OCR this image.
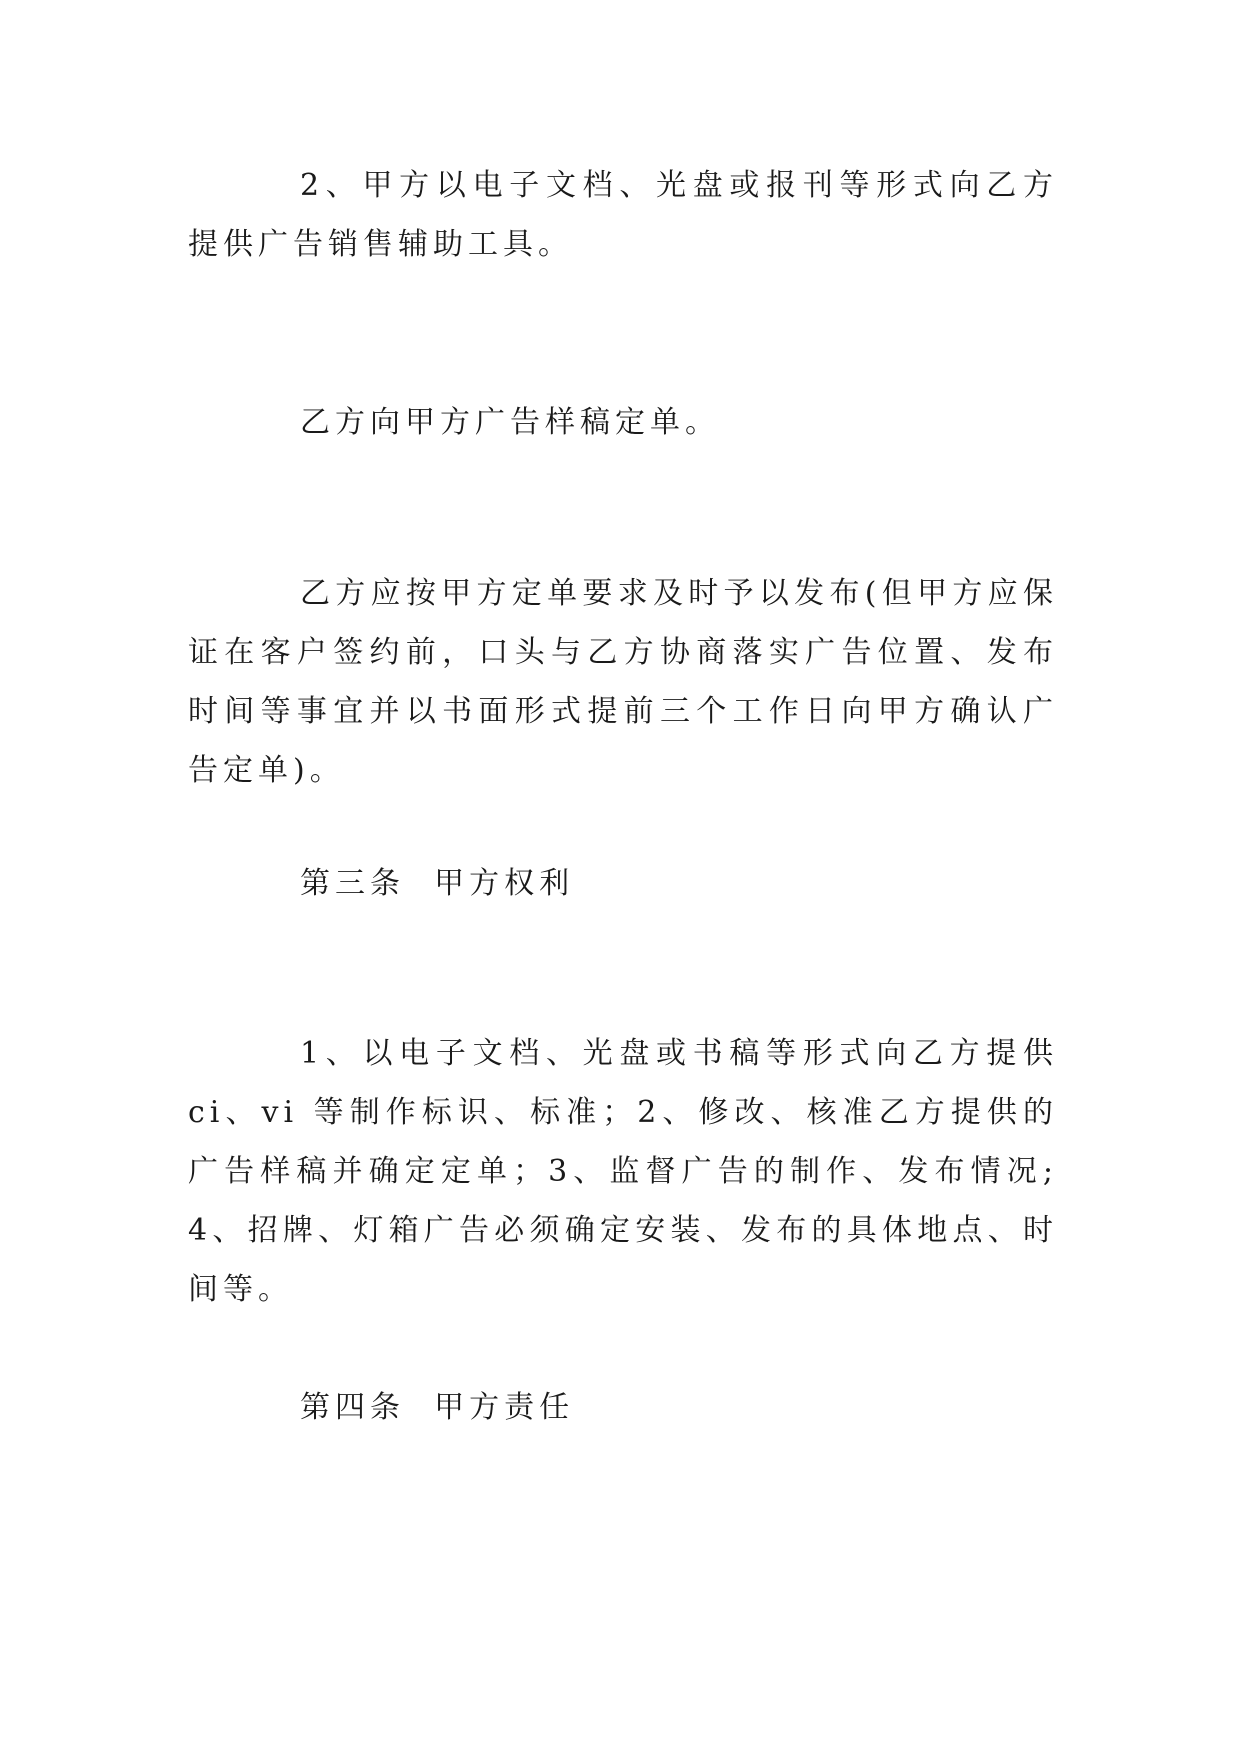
2、甲方以电子文档、光盘或报刊等形式向乙方提供广告销售辅助工具。

乙方向甲方广告样稿定单。

乙方应按甲方定单要求及时予以发布(但甲方应保证在客户签约前，口头与乙方协商落实广告位置、发布时间等事宜并以书面形式提前三个工作日向甲方确认广告定单)。

第三条  甲方权利

1、以电子文档、光盘或书稿等形式向乙方提供 ci、vi 等制作标识、标准；2、修改、核准乙方提供的广告样稿并确定定单；3、监督广告的制作、发布情况;4、招牌、灯箱广告必须确定安装、发布的具体地点、时间等。

第四条  甲方责任
